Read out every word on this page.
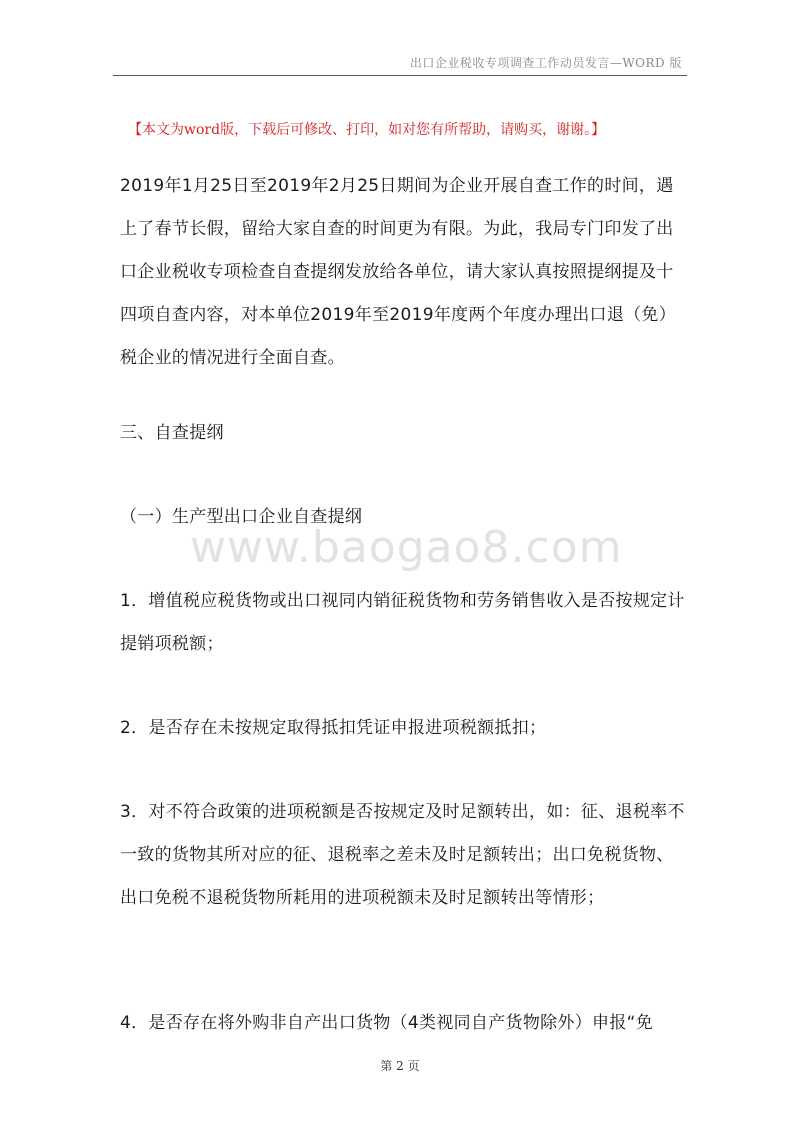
出口企业税收专项调查工作动员发言—WORD 版
【本文为word版，下载后可修改、打印，如对您有所帮助，请购买，谢谢。】

2019年1月25日至2019年2月25日期间为企业开展自查工作的时间，遇上了春节长假，留给大家自查的时间更为有限。为此，我局专门印发了出口企业税收专项检查自查提纲发放给各单位，请大家认真按照提纲提及十四项自查内容，对本单位2019年至2019年度两个年度办理出口退（免）税企业的情况进行全面自查。

三、自查提纲

（一）生产型出口企业自查提纲

www.baogao8.com

1．增值税应税货物或出口视同内销征税货物和劳务销售收入是否按规定计提销项税额；

2．是否存在未按规定取得抵扣凭证申报进项税额抵扣；

3．对不符合政策的进项税额是否按规定及时足额转出，如：征、退税率不一致的货物其所对应的征、退税率之差未及时足额转出；出口免税货物、出口免税不退税货物所耗用的进项税额未及时足额转出等情形；

4．是否存在将外购非自产出口货物（4类视同自产货物除外）申报“免

第 2 页
